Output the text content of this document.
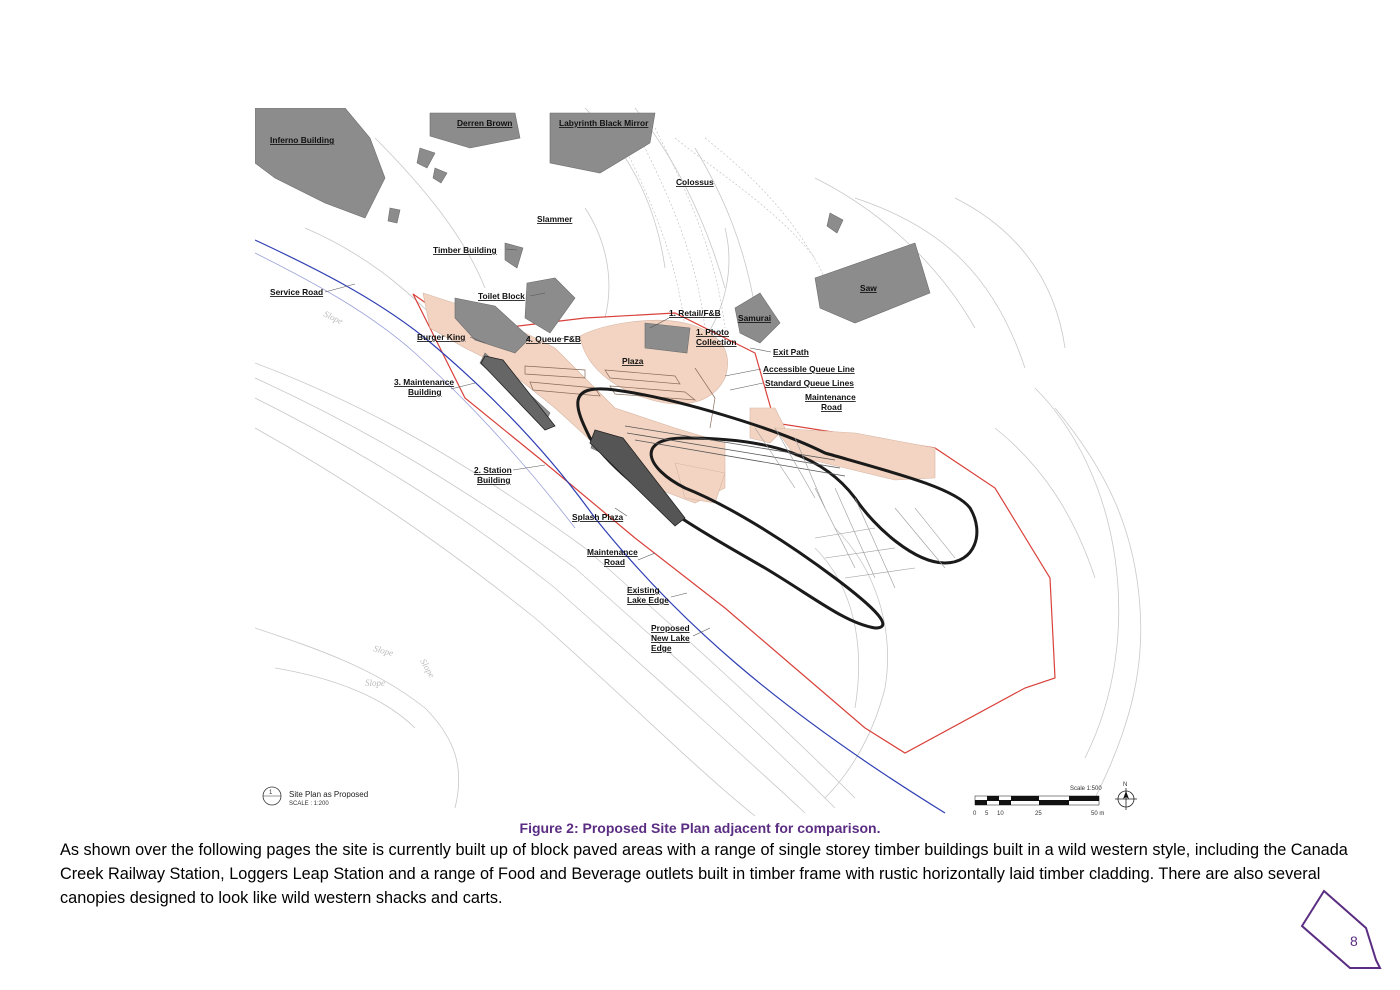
Inferno Building
Derren Brown	Labyrinth Black Mirror
Colossus
Slammer
Timber Building
Service Road	Toilet Block
Saw
Samurai
1. Retail/F&B
1. Photo
Collection
Burger King	4. Queue F&B
Plaza
Exit Path
Accessible Queue Line
Standard Queue Lines
Maintenance
Road
3. Maintenance
Building
2. Station
Building
Splash Plaza
Maintenance
Road
Existing
Lake Edge
Proposed
New Lake
Edge
Slope
Slope
Slope
Slope
1 Site Plan as Proposed
SCALE : 1:200
Scale 1:500
0 5 10	25	50 m
N
Figure 2: Proposed Site Plan adjacent for comparison.
As shown over the following pages the site is currently built up of block paved areas with a range of single storey timber buildings built in a wild western style, including the Canada Creek Railway Station, Loggers Leap Station and a range of Food and Beverage outlets built in timber frame with rustic horizontally laid timber cladding. There are also several canopies designed to look like wild western shacks and carts.
8
